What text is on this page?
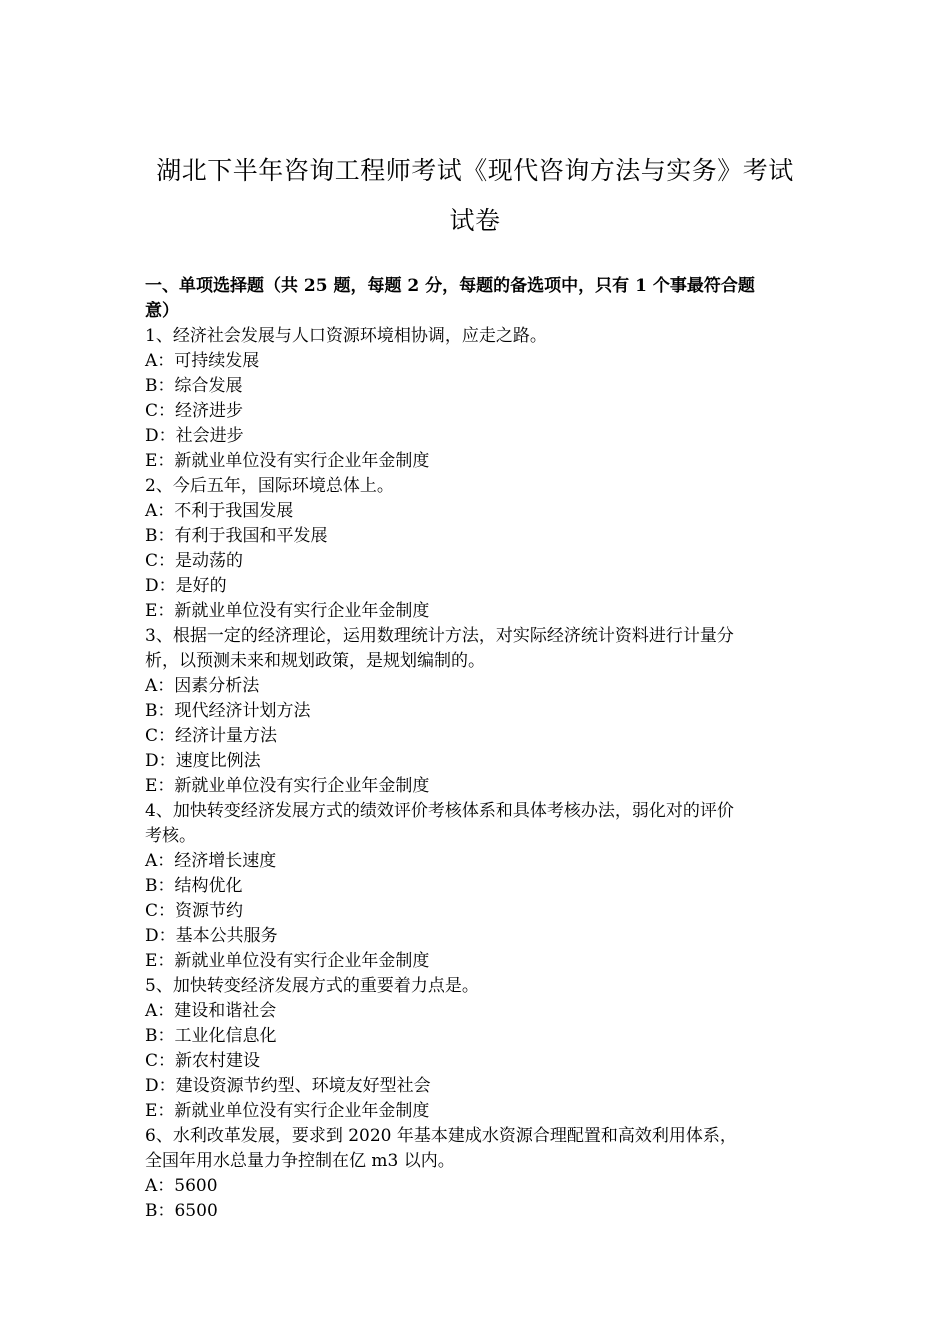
湖北下半年咨询工程师考试《现代咨询方法与实务》考试
试卷
一、单项选择题（共 25 题，每题 2 分，每题的备选项中，只有 1 个事最符合题
意）
1、经济社会发展与人口资源环境相协调，应走之路。
A：可持续发展
B：综合发展
C：经济进步
D：社会进步
E：新就业单位没有实行企业年金制度
2、今后五年，国际环境总体上。
A：不利于我国发展
B：有利于我国和平发展
C：是动荡的
D：是好的
E：新就业单位没有实行企业年金制度
3、根据一定的经济理论，运用数理统计方法，对实际经济统计资料进行计量分
析，以预测未来和规划政策，是规划编制的。
A：因素分析法
B：现代经济计划方法
C：经济计量方法
D：速度比例法
E：新就业单位没有实行企业年金制度
4、加快转变经济发展方式的绩效评价考核体系和具体考核办法，弱化对的评价
考核。
A：经济增长速度
B：结构优化
C：资源节约
D：基本公共服务
E：新就业单位没有实行企业年金制度
5、加快转变经济发展方式的重要着力点是。
A：建设和谐社会
B：工业化信息化
C：新农村建设
D：建设资源节约型、环境友好型社会
E：新就业单位没有实行企业年金制度
6、水利改革发展，要求到 2020 年基本建成水资源合理配置和高效利用体系，
全国年用水总量力争控制在亿 m3 以内。
A：5600
B：6500
